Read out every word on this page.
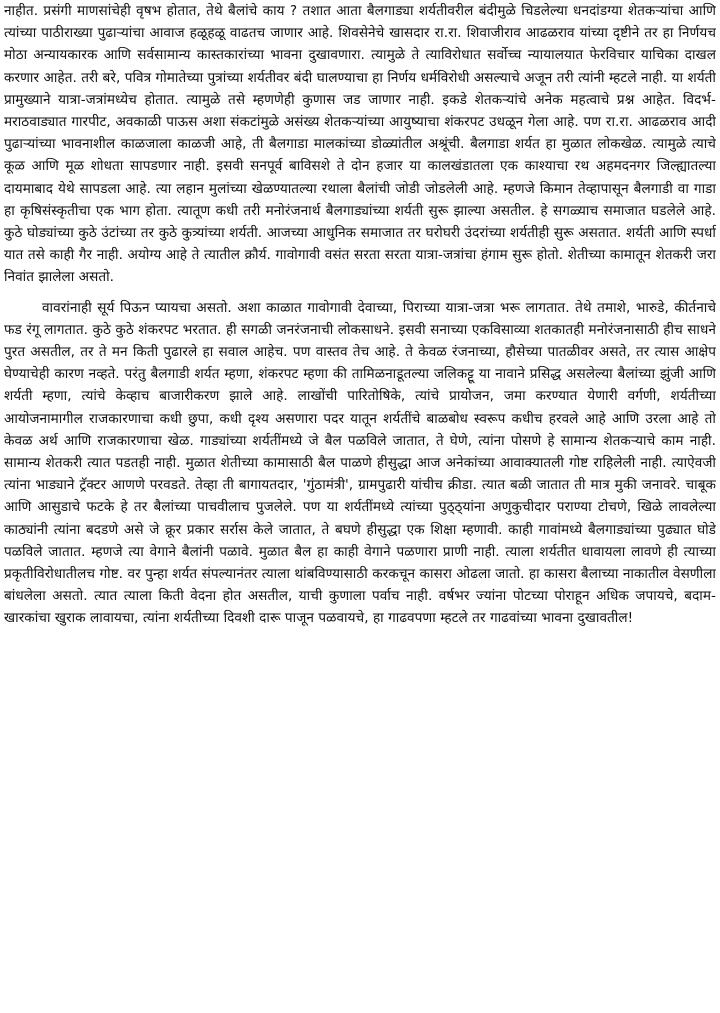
नाहीत. प्रसंगी माणसांचेही वृषभ होतात, तेथे बैलांचे काय ? तशात आता बैलगाड्या शर्यतीवरील बंदीमुळे चिडलेल्या धनदांडग्या शेतकऱ्यांचा आणि त्यांच्या पाठीराख्या पुढाऱ्यांचा आवाज हळूहळू वाढतच जाणार आहे. शिवसेनेचे खासदार रा.रा. शिवाजीराव आढळराव यांच्या दृष्टीने तर हा निर्णयच मोठा अन्यायकारक आणि सर्वसामान्य कास्तकारांच्या भावना दुखावणारा. त्यामुळे ते त्याविरोधात सर्वोच्च न्यायालयात फेरविचार याचिका दाखल करणार आहेत. तरी बरे, पवित्र गोमातेच्या पुत्रांच्या शर्यतीवर बंदी घालण्याचा हा निर्णय धर्मविरोधी असल्याचे अजून तरी त्यांनी म्हटले नाही. या शर्यती प्रामुख्याने यात्रा-जत्रांमध्येच होतात. त्यामुळे तसे म्हणणेही कुणास जड जाणार नाही. इकडे शेतकऱ्यांचे अनेक महत्वाचे प्रश्न आहेत. विदर्भ-मराठवाड्यात गारपीट, अवकाळी पाऊस अशा संकटांमुळे असंख्य शेतकऱ्यांच्या आयुष्याचा शंकरपट उधळून गेला आहे. पण रा.रा. आढळराव आदी पुढाऱ्यांच्या भावनाशील काळजाला काळजी आहे, ती बैलगाडा मालकांच्या डोळ्यांतील अश्रूंची. बैलगाडा शर्यत हा मुळात लोकखेळ. त्यामुळे त्याचे कूळ आणि मूळ शोधता सापडणार नाही. इसवी सनपूर्व बाविसशे ते दोन हजार या कालखंडातला एक काश्याचा रथ अहमदनगर जिल्ह्यातल्या दायमाबाद येथे सापडला आहे. त्या लहान मुलांच्या खेळण्यातल्या रथाला बैलांची जोडी जोडलेली आहे. म्हणजे किमान तेव्हापासून बैलगाडी वा गाडा हा कृषिसंस्कृतीचा एक भाग होता. त्यातूण कधी तरी मनोरंजनार्थ बैलगाड्यांच्या शर्यती सुरू झाल्या असतील. हे सगळ्याच समाजात घडलेले आहे. कुठे घोड्यांच्या कुठे उंटांच्या तर कुठे कुत्र्यांच्या शर्यती. आजच्या आधुनिक समाजात तर घरोघरी उंदरांच्या शर्यतीही सुरू असतात. शर्यती आणि स्पर्धा यात तसे काही गैर नाही. अयोग्य आहे ते त्यातील क्रौर्य. गावोगावी वसंत सरता सरता यात्रा-जत्रांचा हंगाम सुरू होतो. शेतीच्या कामातून शेतकरी जरा निवांत झालेला असतो.

वावरांनाही सूर्य पिऊन प्यायचा असतो. अशा काळात गावोगावी देवाच्या, पिराच्या यात्रा-जत्रा भरू लागतात. तेथे तमाशे, भारुडे, कीर्तनाचे फड रंगू लागतात. कुठे कुठे शंकरपट भरतात. ही सगळी जनरंजनाची लोकसाधने. इसवी सनाच्या एकविसाव्या शतकातही मनोरंजनासाठी हीच साधने पुरत असतील, तर ते मन किती पुढारले हा सवाल आहेच. पण वास्तव तेच आहे. ते केवळ रंजनाच्या, हौसेच्या पातळीवर असते, तर त्यास आक्षेप घेण्याचेही कारण नव्हते. परंतु बैलगाडी शर्यत म्हणा, शंकरपट म्हणा की तामिळनाडूतल्या जलिकट्टू या नावाने प्रसिद्ध असलेल्या बैलांच्या झुंजी आणि शर्यती म्हणा, त्यांचे केव्हाच बाजारीकरण झाले आहे. लाखोंची पारितोषिके, त्यांचे प्रायोजन, जमा करण्यात येणारी वर्गणी, शर्यतीच्या आयोजनामागील राजकारणाचा कधी छुपा, कधी दृश्य असणारा पदर यातून शर्यतींचे बाळबोध स्वरूप कधीच हरवले आहे आणि उरला आहे तो केवळ अर्थ आणि राजकारणाचा खेळ. गाड्यांच्या शर्यतींमध्ये जे बैल पळविले जातात, ते घेणे, त्यांना पोसणे हे सामान्य शेतकऱ्याचे काम नाही. सामान्य शेतकरी त्यात पडतही नाही. मुळात शेतीच्या कामासाठी बैल पाळणे हीसुद्धा आज अनेकांच्या आवाक्यातली गोष्ट राहिलेली नाही. त्याऐवजी त्यांना भाड्याने ट्रॅक्टर आणणे परवडते. तेव्हा ती बागायतदार, 'गुंठामंत्री', ग्रामपुढारी यांचीच क्रीडा. त्यात बळी जातात ती मात्र मुकी जनावरे. चाबूक आणि आसुडाचे फटके हे तर बैलांच्या पाचवीलाच पुजलेले. पण या शर्यतींमध्ये त्यांच्या पुठ्ठ्यांना अणुकुचीदार पराण्या टोचणे, खिळे लावलेल्या काठ्यांनी त्यांना बदडणे असे जे क्रूर प्रकार सर्रास केले जातात, ते बघणे हीसुद्धा एक शिक्षा म्हणावी. काही गावांमध्ये बैलगाड्यांच्या पुढ्यात घोडे पळविले जातात. म्हणजे त्या वेगाने बैलांनी पळावे. मुळात बैल हा काही वेगाने पळणारा प्राणी नाही. त्याला शर्यतीत धावायला लावणे ही त्याच्या प्रकृतीविरोधातीलच गोष्ट. वर पुन्हा शर्यत संपल्यानंतर त्याला थांबविण्यासाठी करकचून कासरा ओढला जातो. हा कासरा बैलाच्या नाकातील वेसणीला बांधलेला असतो. त्यात त्याला किती वेदना होत असतील, याची कुणाला पर्वाच नाही. वर्षभर ज्यांना पोटच्या पोराहून अधिक जपायचे, बदाम-खारकांचा खुराक लावायचा, त्यांना शर्यतीच्या दिवशी दारू पाजून पळवायचे, हा गाढवपणा म्हटले तर गाढवांच्या भावना दुखावतील!
